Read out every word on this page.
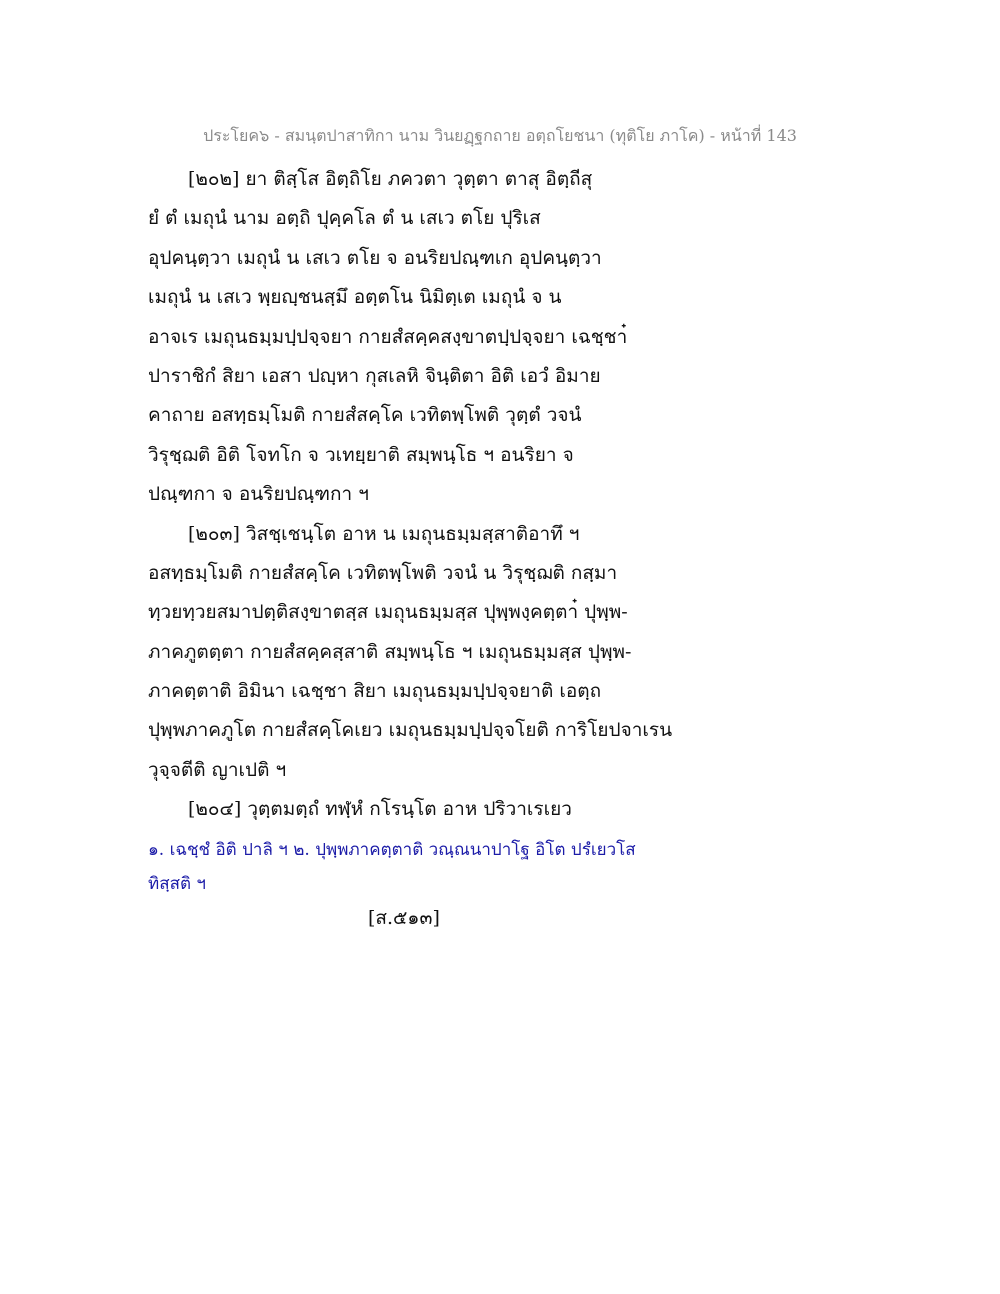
ประโยค๖ - สมนฺตปาสาทิกา นาม วินยฏฺฐกถาย อตฺถโยชนา (ทุติโย ภาโค) - หน้าที่ 143
[๒๐๒] ยา ติสฺโส อิตฺถิโย ภควตา วุตฺตา ตาสุ อิตฺถีสุ
ยํ ตํ เมถุนํ นาม อตฺถิ ปุคฺคโล ตํ น เสเว ตโย ปุริเส
อุปคนฺตฺวา เมถุนํ น เสเว ตโย จ อนริยปณฺฑเก อุปคนฺตฺวา
เมถุนํ น เสเว พฺยญฺชนสฺมึ อตฺตโน นิมิตฺเต เมถุนํ จ น
อาจเร เมถุนธมฺมปฺปจฺจยา กายสํสคฺคสงฺขาตปฺปจฺจยา เฉชฺชา๋
ปาราชิกํ สิยา เอสา ปญฺหา กุสเลหิ จินฺติตา อิติ เอวํ อิมาย
คาถาย อสทฺธมฺโมติ กายสํสคฺโค เวทิตพฺโพติ วุตฺตํ วจนํ
วิรุชฺฌติ อิติ โจทโก จ วเทยฺยาติ สมฺพนฺโธ ฯ อนริยา จ
ปณฺฑกา จ อนริยปณฺฑกา ฯ
[๒๐๓] วิสชฺเชนฺโต อาห น เมถุนธมฺมสฺสาติอาทึ ฯ
อสทฺธมฺโมติ กายสํสคฺโค เวทิตพฺโพติ วจนํ น วิรุชฺฌติ กสฺมา
ทฺวยทฺวยสมาปตฺติสงฺขาตสฺส เมถุนธมฺมสฺส ปุพฺพงฺคตฺตา๋ ปุพฺพ-
ภาคภูตตฺตา กายสํสคฺคสฺสาติ สมฺพนฺโธ ฯ เมถุนธมฺมสฺส ปุพฺพ-
ภาคตฺตาติ อิมินา เฉชฺชา สิยา เมถุนธมฺมปฺปจฺจยาติ เอตฺถ
ปุพฺพภาคภูโต กายสํสคฺโคเยว เมถุนธมฺมปฺปจฺจโยติ การิโยปจาเรน
วุจฺจตีติ ญาเปติ ฯ
[๒๐๔] วุตฺตมตฺถํ ทฬฺหํ กโรนฺโต อาห ปริวาเรเยว
๑. เฉชฺชํ อิติ ปาลิ ฯ ๒. ปุพฺพภาคตฺตาติ วณฺณนาปาโฐ อิโต ปรํเยวโส
ทิสฺสติ ฯ
[ส.๕๑๓]
